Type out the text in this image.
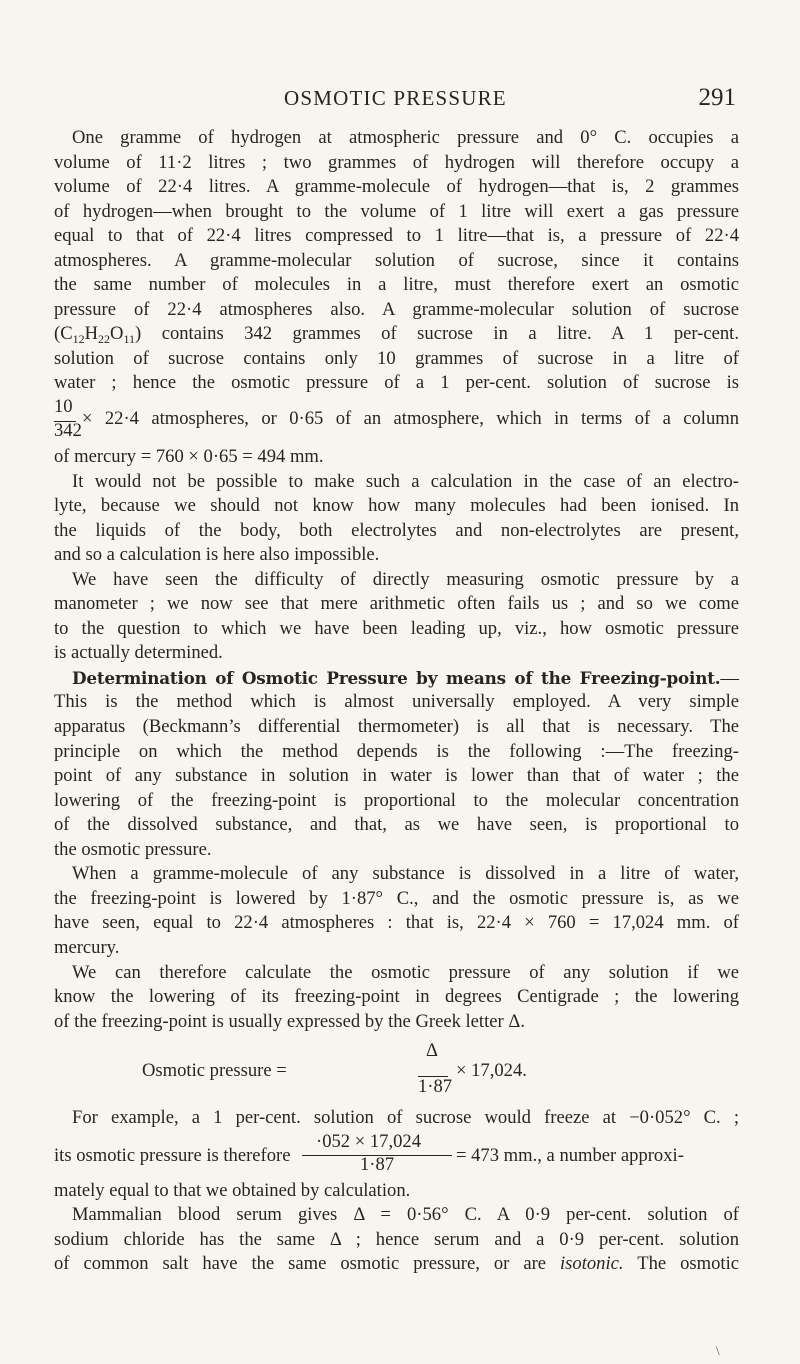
OSMOTIC PRESSURE	291
One gramme of hydrogen at atmospheric pressure and 0° C. occupies a
volume of 11·2 litres ; two grammes of hydrogen will therefore occupy a
volume of 22·4 litres. A gramme-molecule of hydrogen—that is, 2 grammes
of hydrogen—when brought to the volume of 1 litre will exert a gas pressure
equal to that of 22·4 litres compressed to 1 litre—that is, a pressure of 22·4
atmospheres. A gramme-molecular solution of sucrose, since it contains
the same number of molecules in a litre, must therefore exert an osmotic
pressure of 22·4 atmospheres also. A gramme-molecular solution of sucrose
$(C_{12}H_{22}O_{11})$ contains 342 grammes of sucrose in a litre. A 1 per-cent.
solution of sucrose contains only 10 grammes of sucrose in a litre of
water ; hence the osmotic pressure of a 1 per-cent. solution of sucrose is
10
342
× 22·4 atmospheres, or 0·65 of an atmosphere, which in terms of a column
of mercury = 760 × 0·65 = 494 mm.
It would not be possible to make such a calculation in the case of an electro-
lyte, because we should not know how many molecules had been ionised. In
the liquids of the body, both electrolytes and non-electrolytes are present,
and so a calculation is here also impossible.
We have seen the difficulty of directly measuring osmotic pressure by a
manometer ; we now see that mere arithmetic often fails us ; and so we come
to the question to which we have been leading up, viz., how osmotic pressure
is actually determined.
Determination of Osmotic Pressure by means of the Freezing-point.—
This is the method which is almost universally employed. A very simple
apparatus (Beckmann’s differential thermometer) is all that is necessary. The
principle on which the method depends is the following :—The freezing-
point of any substance in solution in water is lower than that of water ; the
lowering of the freezing-point is proportional to the molecular concentration
of the dissolved substance, and that, as we have seen, is proportional to
the osmotic pressure.
When a gramme-molecule of any substance is dissolved in a litre of water,
the freezing-point is lowered by 1·87° C., and the osmotic pressure is, as we
have seen, equal to 22·4 atmospheres : that is, 22·4 × 760 = 17,024 mm. of
mercury.
We can therefore calculate the osmotic pressure of any solution if we
know the lowering of its freezing-point in degrees Centigrade ; the lowering
of the freezing-point is usually expressed by the Greek letter Δ.
Δ
Osmotic pressure =
1·87
× 17,024.
For example, a 1 per-cent. solution of sucrose would freeze at −0·052° C. ;
·052 × 17,024
its osmotic pressure is therefore	1·87	= 473 mm., a number approxi-
mately equal to that we obtained by calculation.
Mammalian blood serum gives Δ = 0·56° C. A 0·9 per-cent. solution of
sodium chloride has the same Δ ; hence serum and a 0·9 per-cent. solution
of common salt have the same osmotic pressure, or are isotonic. The osmotic
\
